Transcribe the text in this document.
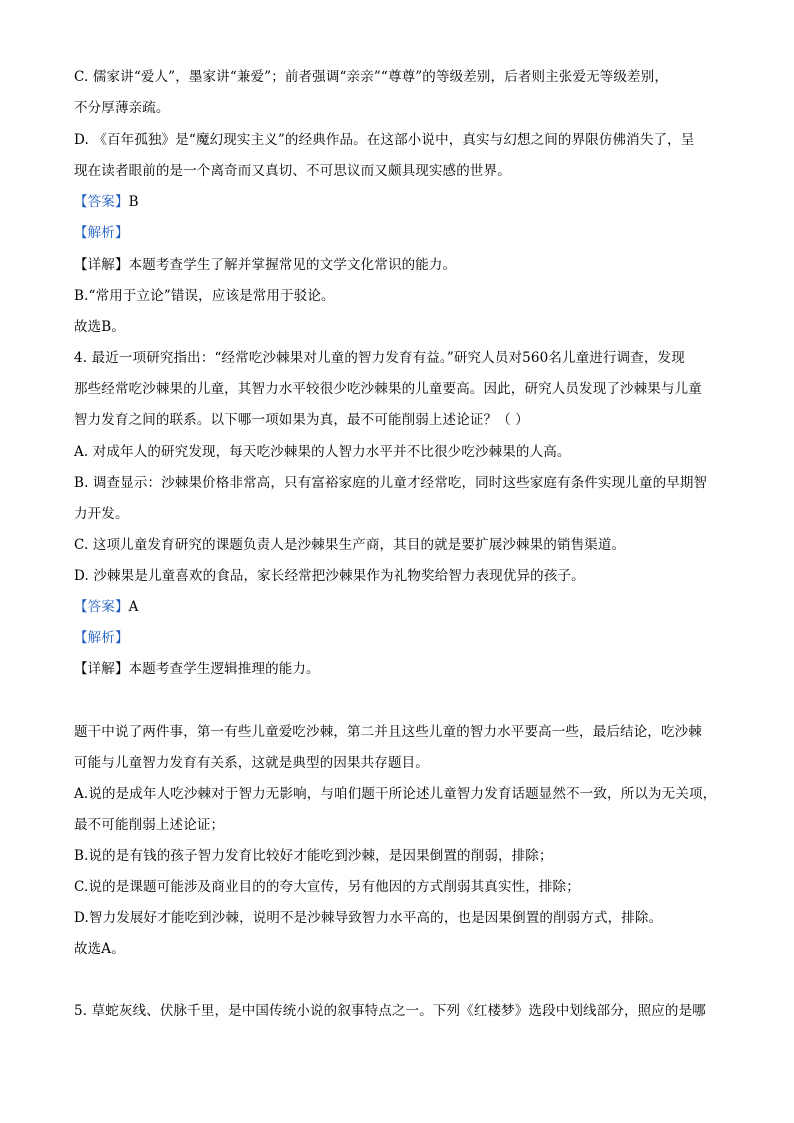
C. 儒家讲“爱人”，墨家讲“兼爱”；前者强调“亲亲”“尊尊”的等级差别，后者则主张爱无等级差别，
不分厚薄亲疏。
D. 《百年孤独》是“魔幻现实主义”的经典作品。在这部小说中，真实与幻想之间的界限仿佛消失了，呈
现在读者眼前的是一个离奇而又真切、不可思议而又颇具现实感的世界。
【答案】B
【解析】
【详解】本题考查学生了解并掌握常见的文学文化常识的能力。
B.“常用于立论”错误，应该是常用于驳论。
故选B。
4. 最近一项研究指出：“经常吃沙棘果对儿童的智力发育有益。”研究人员对560名儿童进行调查，发现
那些经常吃沙棘果的儿童，其智力水平较很少吃沙棘果的儿童要高。因此，研究人员发现了沙棘果与儿童
智力发育之间的联系。以下哪一项如果为真，最不可能削弱上述论证？（ ）
A. 对成年人的研究发现，每天吃沙棘果的人智力水平并不比很少吃沙棘果的人高。
B. 调查显示：沙棘果价格非常高，只有富裕家庭的儿童才经常吃，同时这些家庭有条件实现儿童的早期智
力开发。
C. 这项儿童发育研究的课题负责人是沙棘果生产商，其目的就是要扩展沙棘果的销售渠道。
D. 沙棘果是儿童喜欢的食品，家长经常把沙棘果作为礼物奖给智力表现优异的孩子。
【答案】A
【解析】
【详解】本题考查学生逻辑推理的能力。
题干中说了两件事，第一有些儿童爱吃沙棘，第二并且这些儿童的智力水平要高一些，最后结论，吃沙棘
可能与儿童智力发育有关系，这就是典型的因果共存题目。
A.说的是成年人吃沙棘对于智力无影响，与咱们题干所论述儿童智力发育话题显然不一致，所以为无关项，
最不可能削弱上述论证；
B.说的是有钱的孩子智力发育比较好才能吃到沙棘，是因果倒置的削弱，排除；
C.说的是课题可能涉及商业目的的夸大宣传，另有他因的方式削弱其真实性，排除；
D.智力发展好才能吃到沙棘，说明不是沙棘导致智力水平高的，也是因果倒置的削弱方式，排除。
故选A。
5. 草蛇灰线、伏脉千里，是中国传统小说的叙事特点之一。下列《红楼梦》选段中划线部分，照应的是哪
